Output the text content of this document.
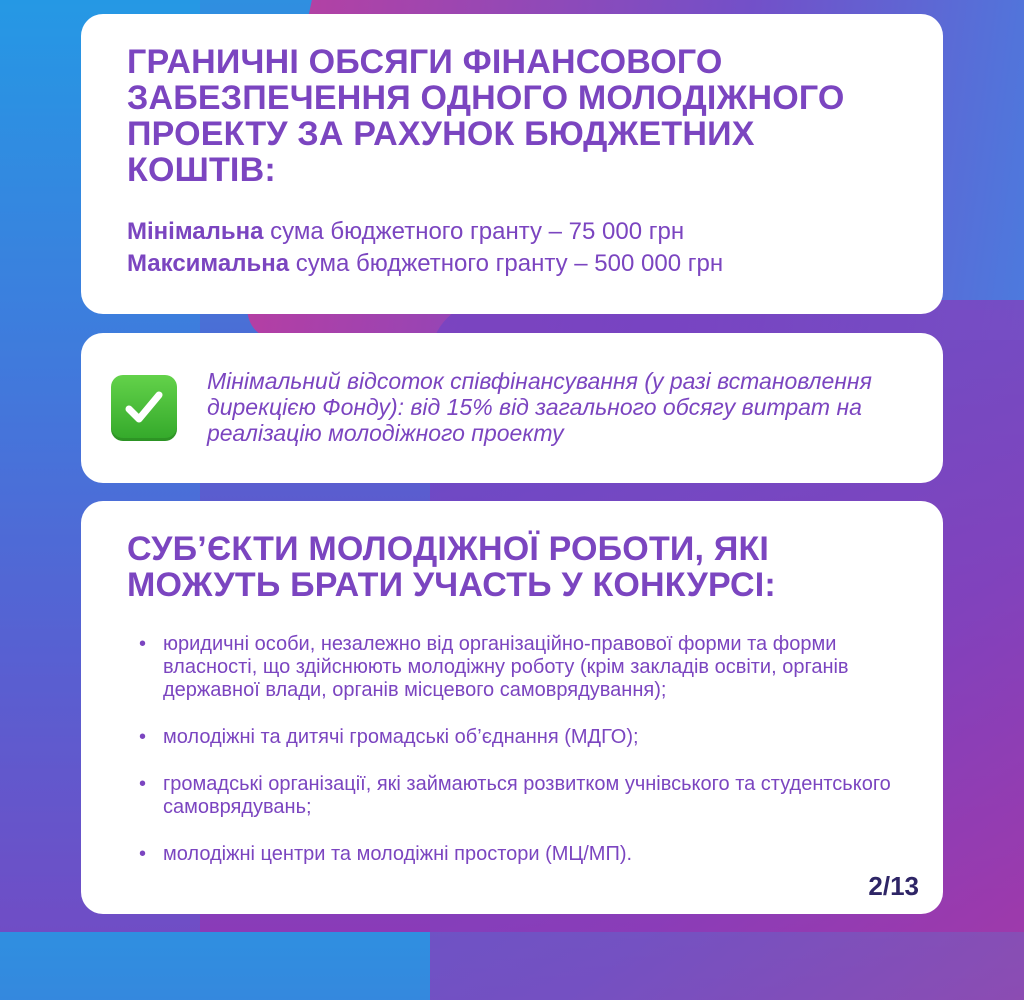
ГРАНИЧНІ ОБСЯГИ ФІНАНСОВОГО ЗАБЕЗПЕЧЕННЯ ОДНОГО МОЛОДІЖНОГО ПРОЕКТУ ЗА РАХУНОК БЮДЖЕТНИХ КОШТІВ:
Мінімальна сума бюджетного гранту – 75 000 грн
Максимальна сума бюджетного гранту – 500 000 грн
Мінімальний відсоток співфінансування (у разі встановлення дирекцією Фонду): від 15% від загального обсягу витрат на реалізацію молодіжного проекту
СУБ’ЄКТИ МОЛОДІЖНОЇ РОБОТИ, ЯКІ МОЖУТЬ БРАТИ УЧАСТЬ У КОНКУРСІ:
• юридичні особи, незалежно від організаційно-правової форми та форми власності, що здійснюють молодіжну роботу (крім закладів освіти, органів державної влади, органів місцевого самоврядування);
• молодіжні та дитячі громадські об’єднання (МДГО);
• громадські організації, які займаються розвитком учнівського та студентського самоврядувань;
• молодіжні центри та молодіжні простори (МЦ/МП).
2/13
